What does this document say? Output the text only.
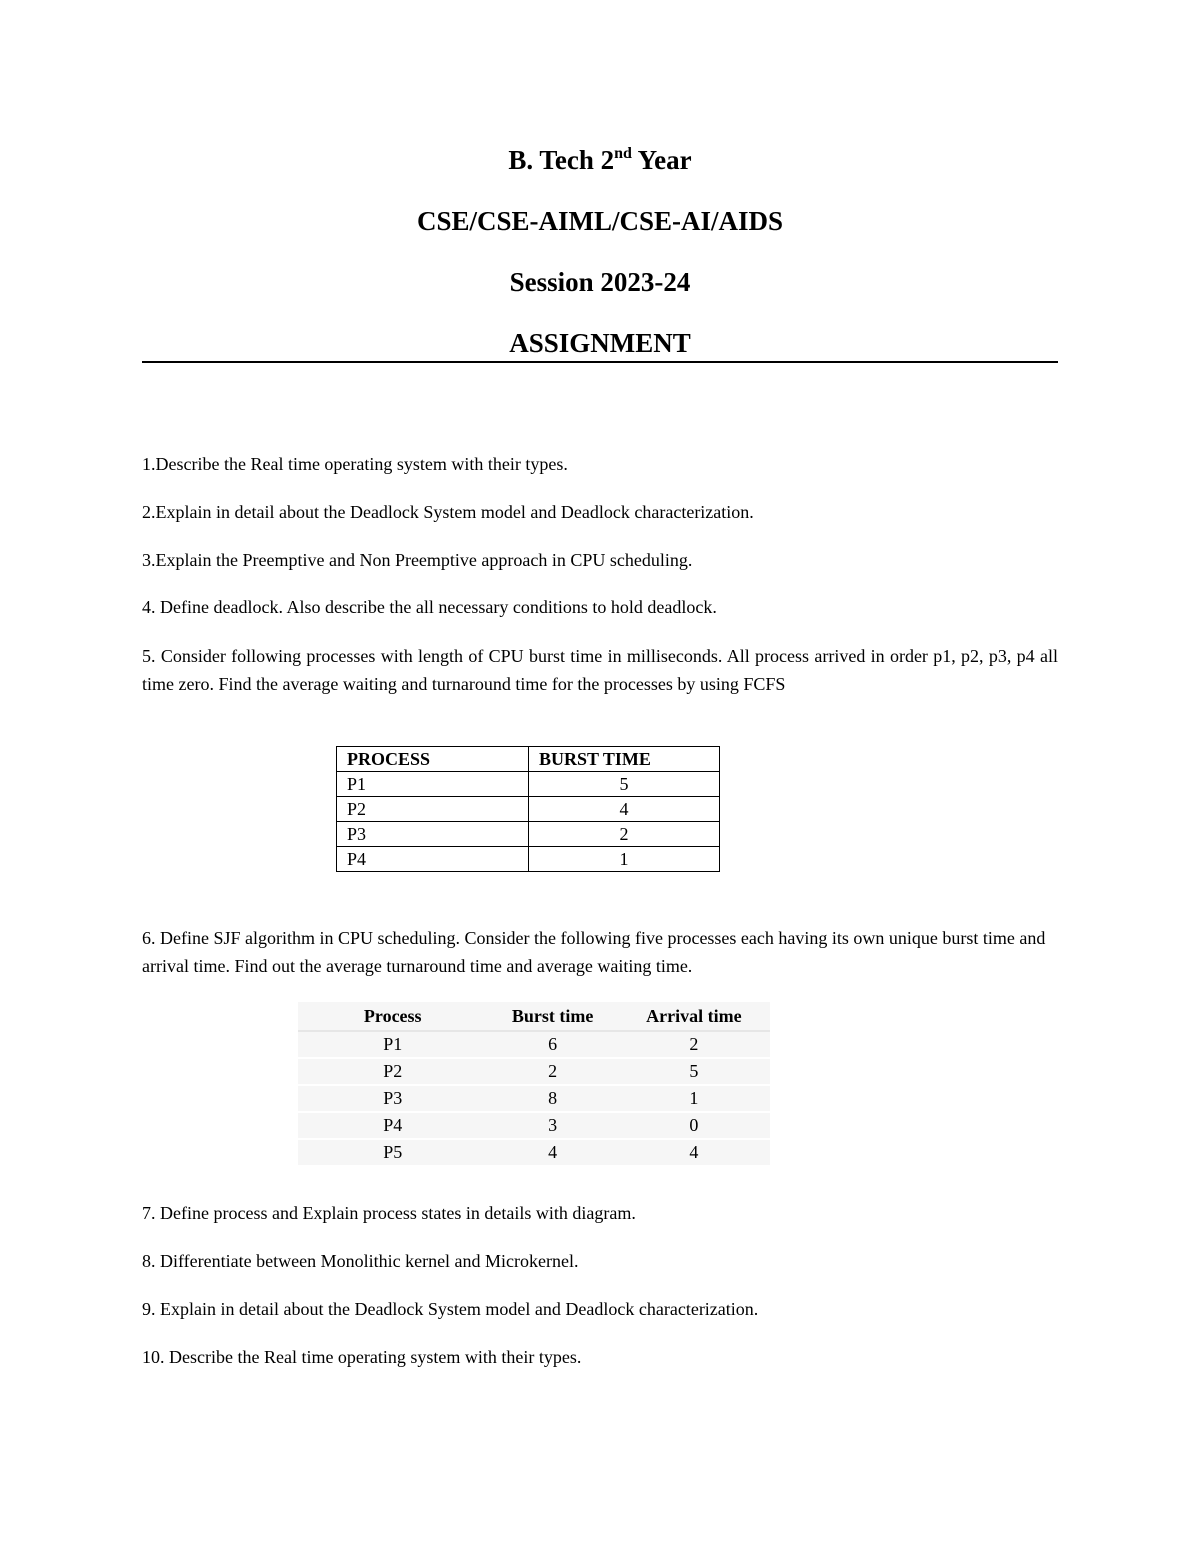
B. Tech 2nd Year
CSE/CSE-AIML/CSE-AI/AIDS
Session 2023-24
ASSIGNMENT
1.Describe the Real time operating system with their types.
2.Explain in detail about the Deadlock System model and Deadlock characterization.
3.Explain the Preemptive and Non Preemptive approach in CPU scheduling.
4. Define deadlock. Also describe the all necessary conditions to hold deadlock.
5. Consider following processes with length of CPU burst time in milliseconds. All process arrived in order p1, p2, p3, p4 all time zero. Find the average waiting and turnaround time for the processes by using FCFS
PROCESS	BURST TIME
P1	5
P2	4
P3	2
P4	1
6. Define SJF algorithm in CPU scheduling. Consider the following five processes each having its own unique burst time and arrival time. Find out the average turnaround time and average waiting time.
Process	Burst time	Arrival time
P1	6	2
P2	2	5
P3	8	1
P4	3	0
P5	4	4
7. Define process and Explain process states in details with diagram.
8. Differentiate between Monolithic kernel and Microkernel.
9. Explain in detail about the Deadlock System model and Deadlock characterization.
10. Describe the Real time operating system with their types.
